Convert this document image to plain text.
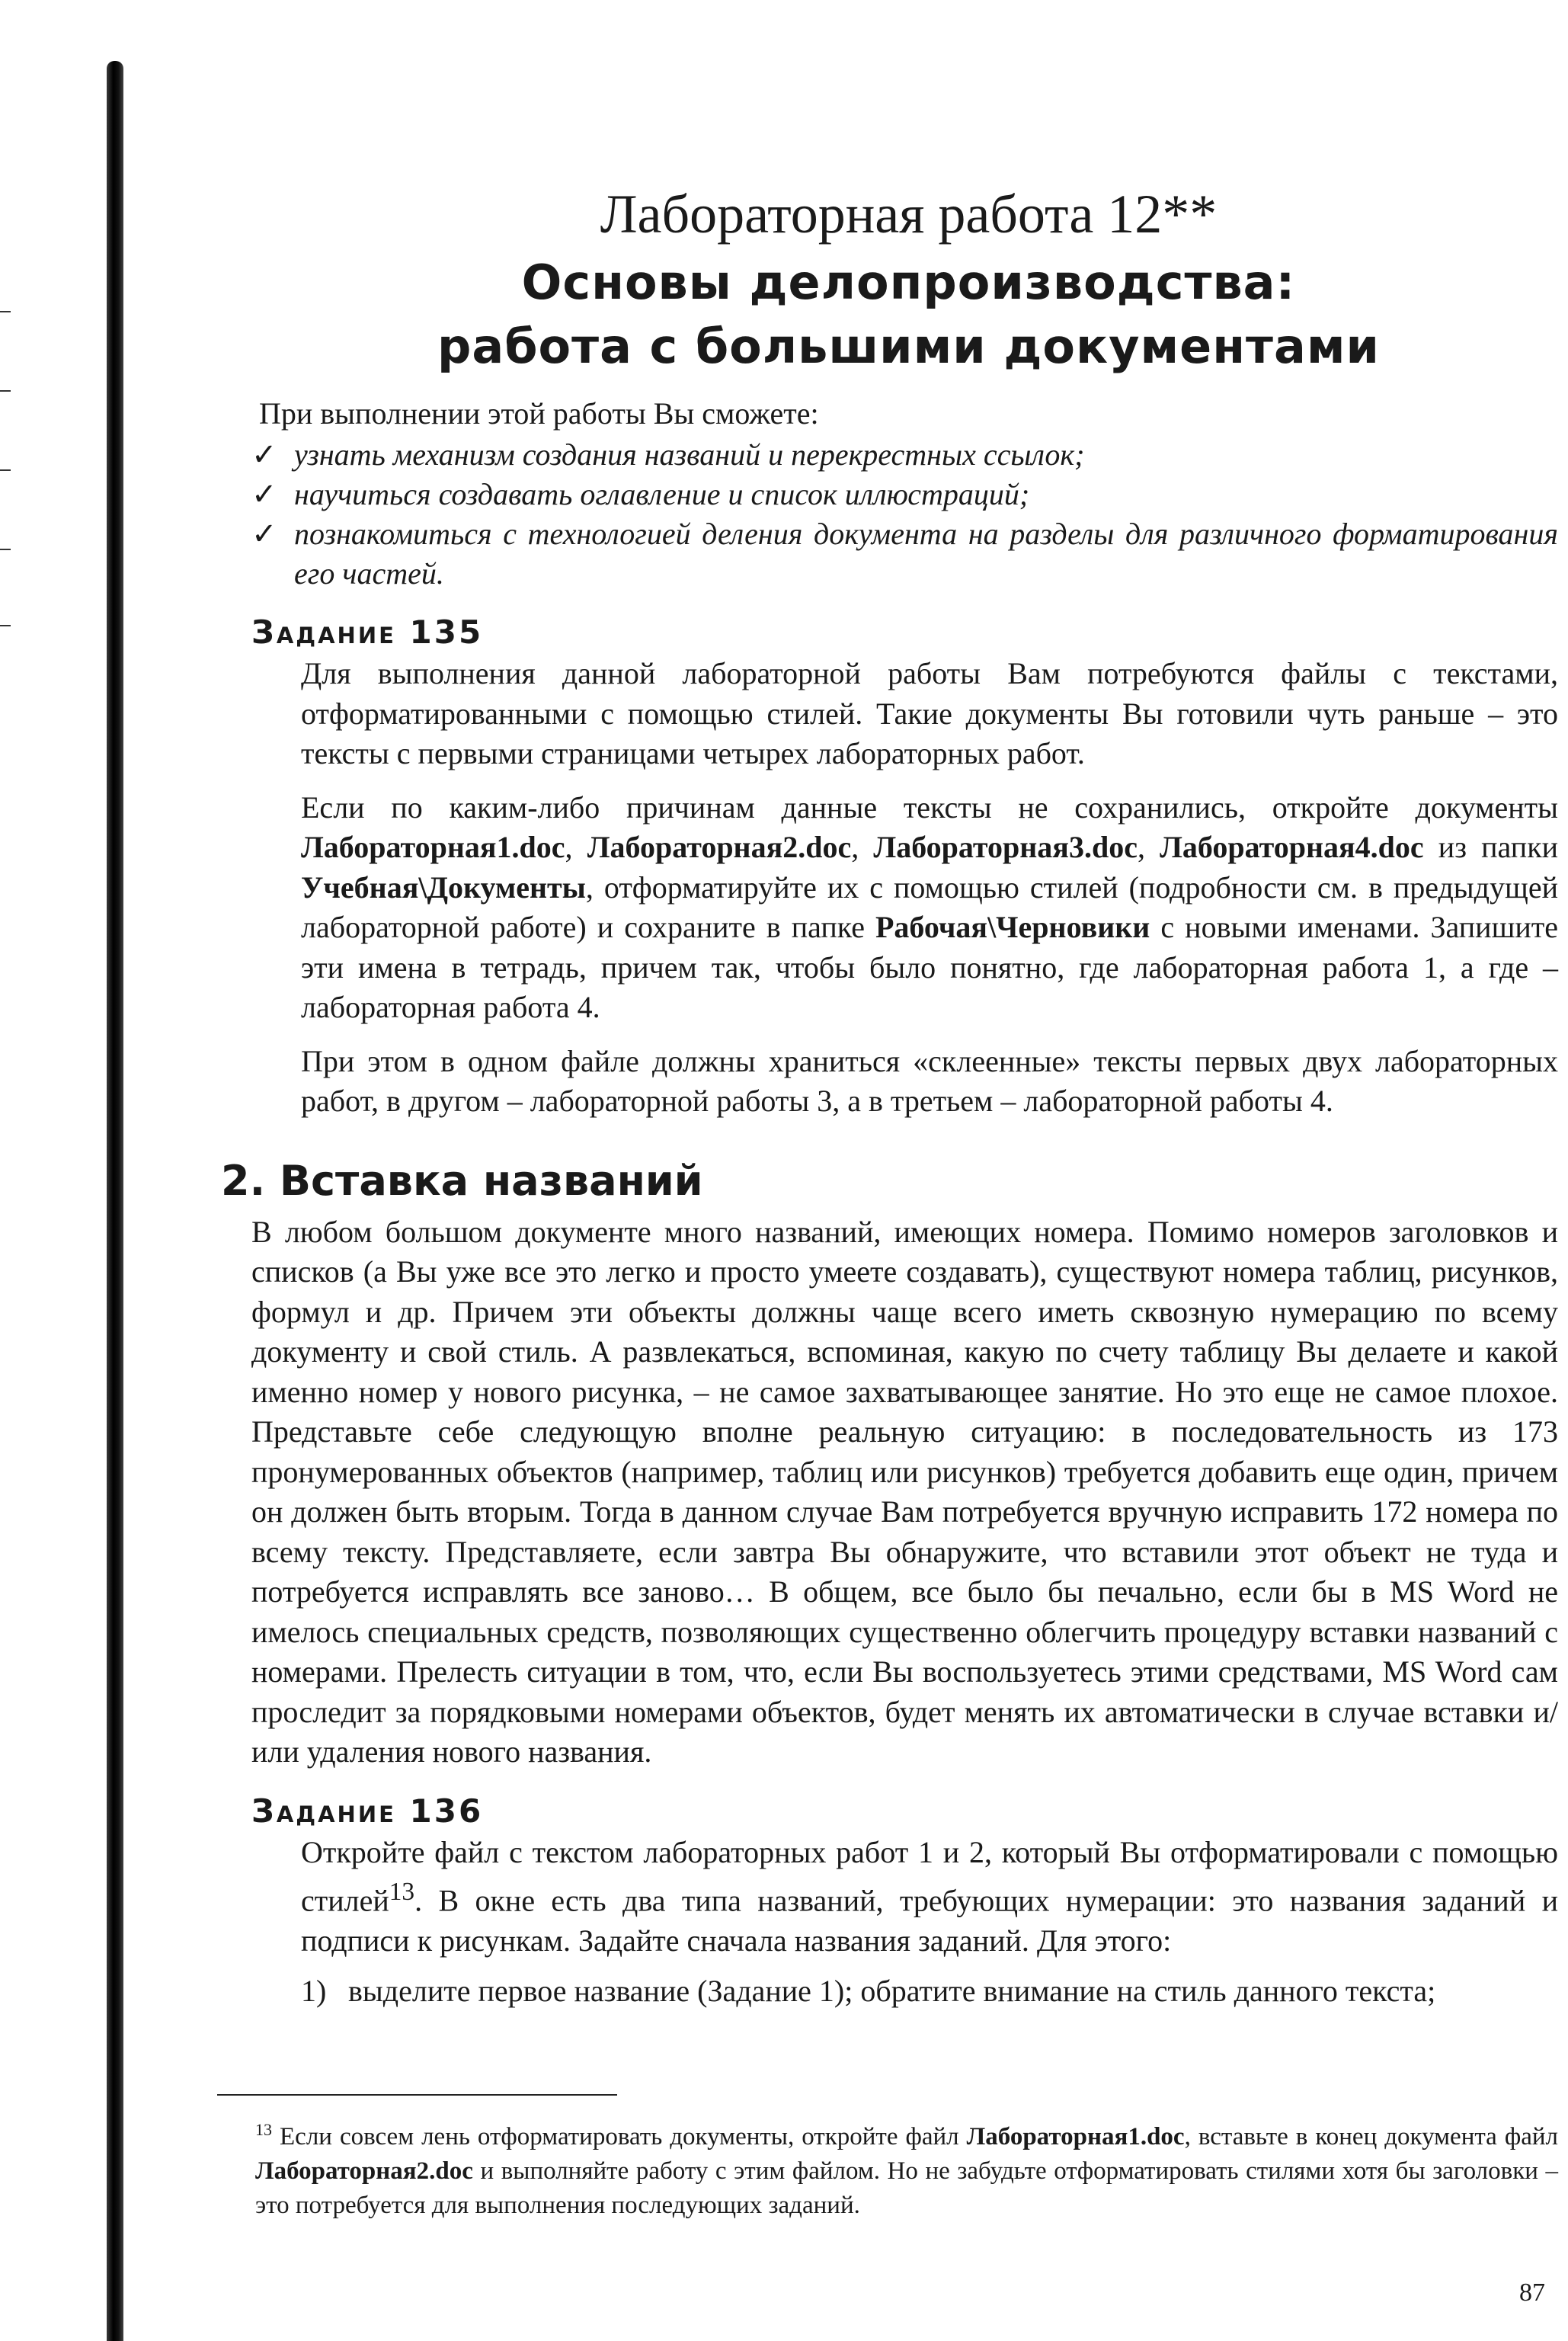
Лабораторная работа 12**
Основы делопроизводства:
работа с большими документами
При выполнении этой работы Вы сможете:
✓ узнать механизм создания названий и перекрестных ссылок;
✓ научиться создавать оглавление и список иллюстраций;
✓ познакомиться с технологией деления документа на разделы для различного форматирования его частей.
Задание 135

Для выполнения данной лабораторной работы Вам потребуются файлы с текстами, отформатированными с помощью стилей. Такие документы Вы готовили чуть раньше – это тексты с первыми страницами четырех лабораторных работ.

Если по каким-либо причинам данные тексты не сохранились, откройте документы Лабораторная1.doc, Лабораторная2.doc, Лабораторная3.doc, Лабораторная4.doc из папки Учебная\Документы, отформатируйте их с помощью стилей (подробности см. в предыдущей лабораторной работе) и сохраните в папке Рабочая\Черновики с новыми именами. Запишите эти имена в тетрадь, причем так, чтобы было понятно, где лабораторная работа 1, а где – лабораторная работа 4.

При этом в одном файле должны храниться «склеенные» тексты первых двух лабораторных работ, в другом – лабораторной работы 3, а в третьем – лабораторной работы 4.

2. Вставка названий

В любом большом документе много названий, имеющих номера. Помимо номеров заголовков и списков (а Вы уже все это легко и просто умеете создавать), существуют номера таблиц, рисунков, формул и др. Причем эти объекты должны чаще всего иметь сквозную нумерацию по всему документу и свой стиль. А развлекаться, вспоминая, какую по счету таблицу Вы делаете и какой именно номер у нового рисунка, – не самое захватывающее занятие. Но это еще не самое плохое. Представьте себе следующую вполне реальную ситуацию: в последовательность из 173 пронумерованных объектов (например, таблиц или рисунков) требуется добавить еще один, причем он должен быть вторым. Тогда в данном случае Вам потребуется вручную исправить 172 номера по всему тексту. Представляете, если завтра Вы обнаружите, что вставили этот объект не туда и потребуется исправлять все заново… В общем, все было бы печально, если бы в MS Word не имелось специальных средств, позволяющих существенно облегчить процедуру вставки названий с номерами. Прелесть ситуации в том, что, если Вы воспользуетесь этими средствами, MS Word сам проследит за порядковыми номерами объектов, будет менять их автоматически в случае вставки и/или удаления нового названия.

Задание 136

Откройте файл с текстом лабораторных работ 1 и 2, который Вы отформатировали с помощью стилей$^{13}$. В окне есть два типа названий, требующих нумерации: это названия заданий и подписи к рисункам. Задайте сначала названия заданий. Для этого:

1) выделите первое название (Задание 1); обратите внимание на стиль данного текста;
$^{13}$ Если совсем лень отформатировать документы, откройте файл Лабораторная1.doc, вставьте в конец документа файл Лабораторная2.doc и выполняйте работу с этим файлом. Но не забудьте отформатировать стилями хотя бы заголовки – это потребуется для выполнения последующих заданий.
87
